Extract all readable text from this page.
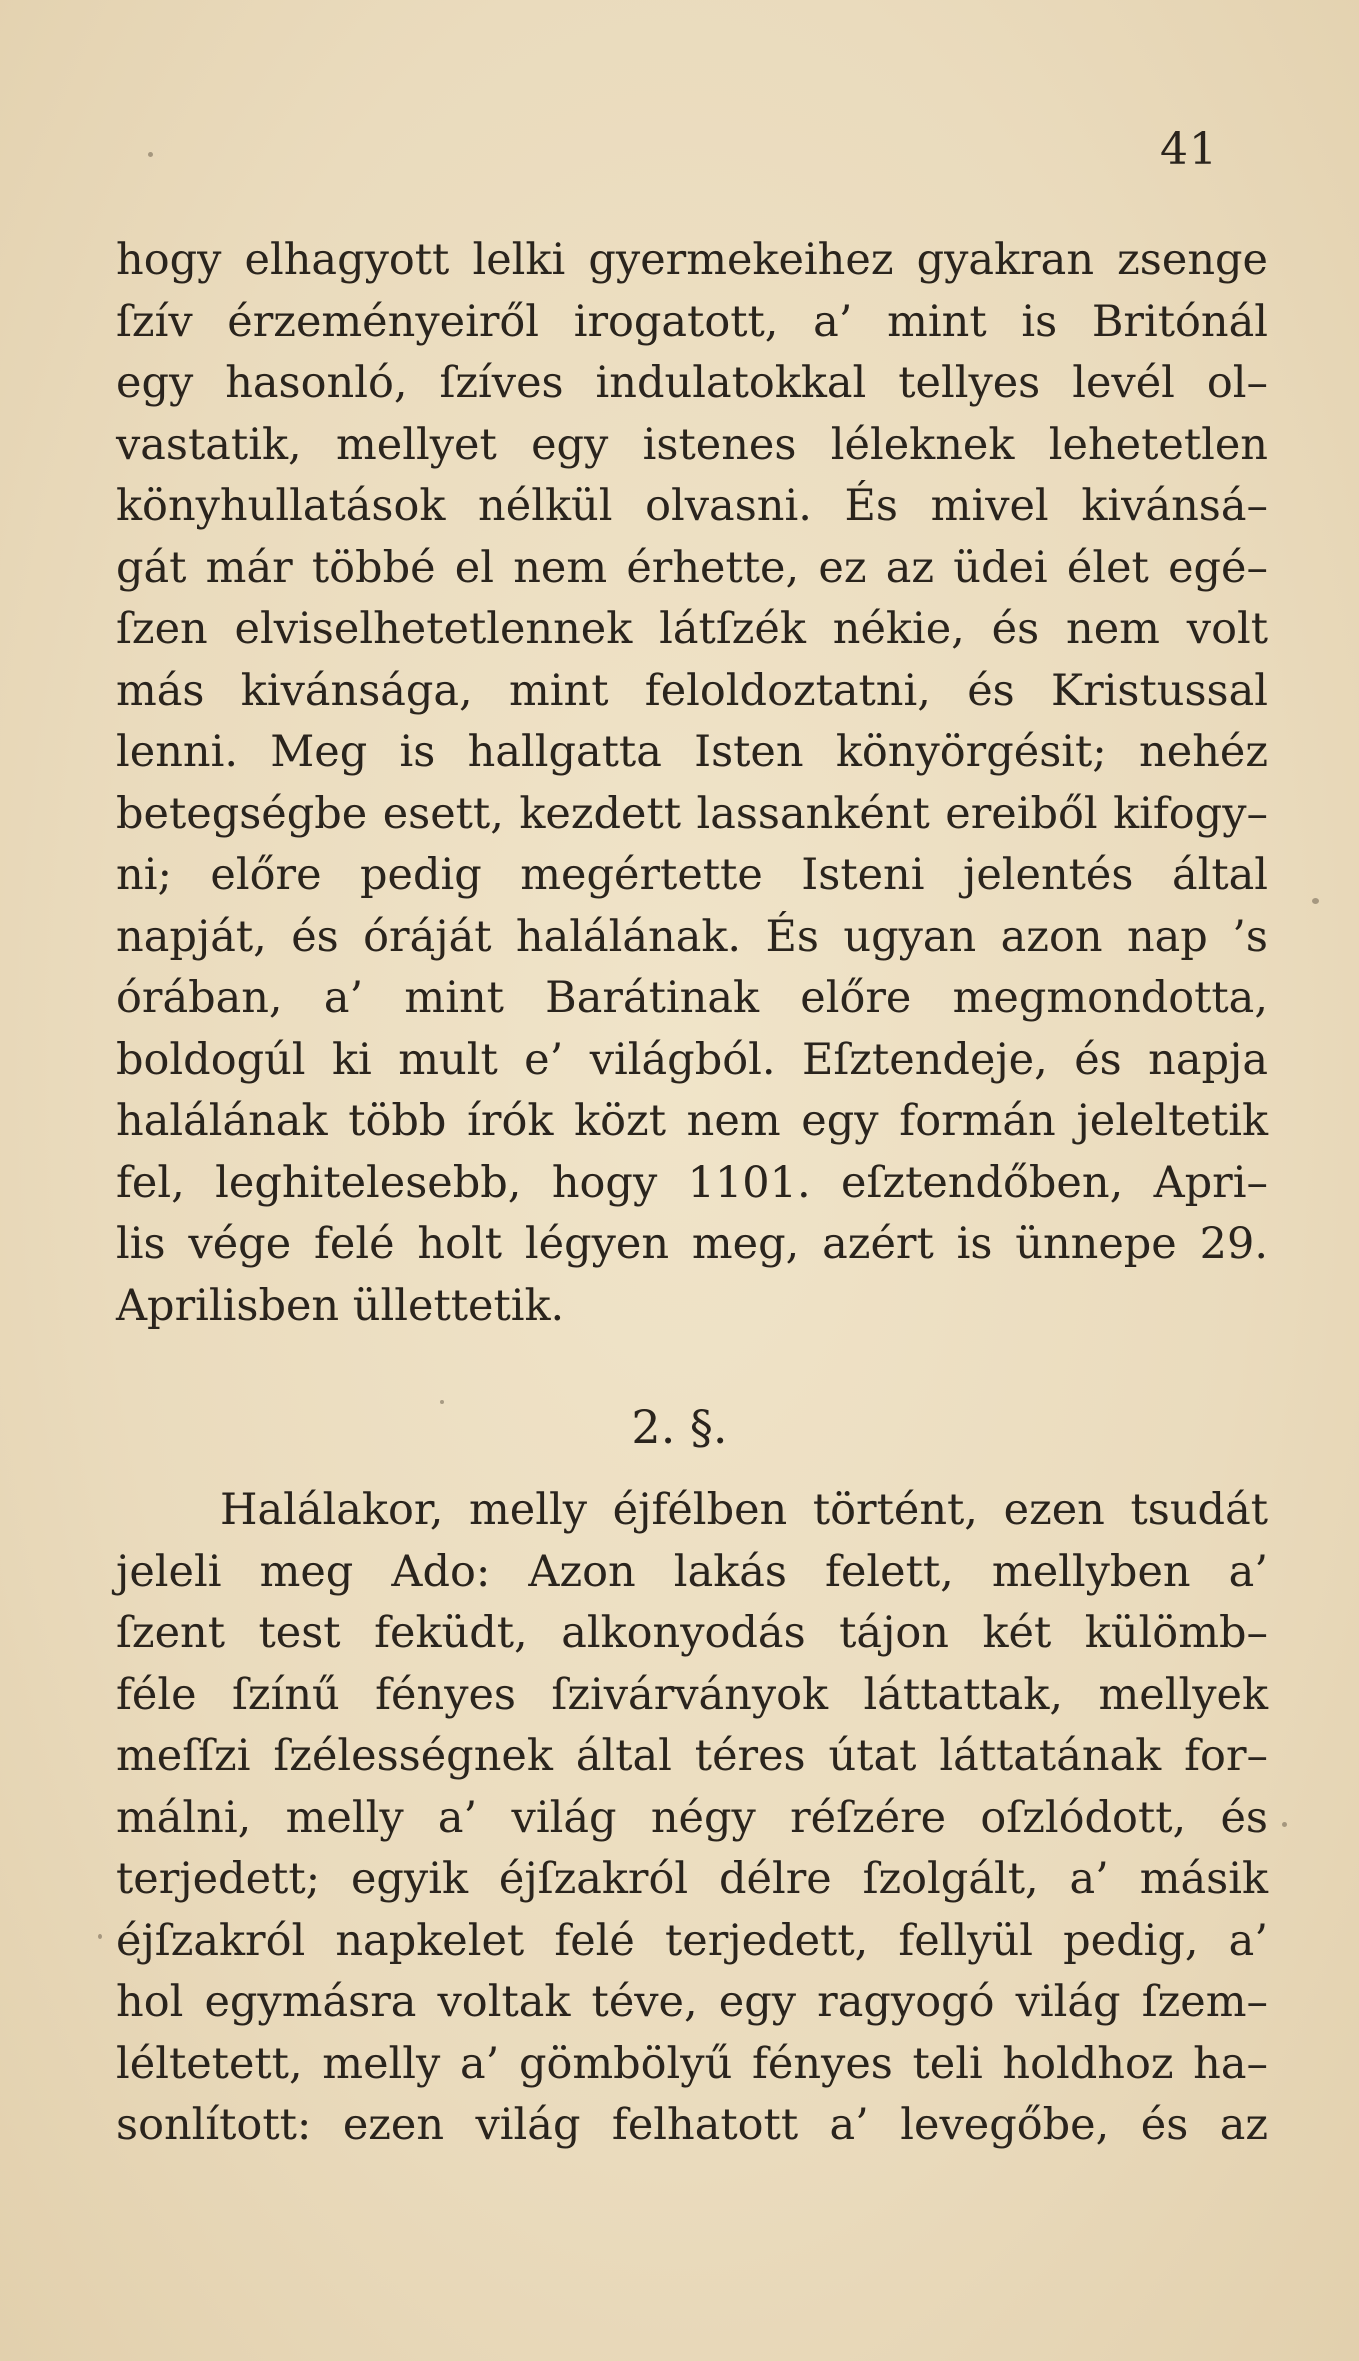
41
hogy elhagyott lelki gyermekeihez gyakran zsenge
ſzív érzeményeiről irogatott, a’ mint is Britónál
egy hasonló, ſzíves indulatokkal tellyes levél ol–
vastatik, mellyet egy istenes léleknek lehetetlen
könyhullatások nélkül olvasni. És mivel kivánsá–
gát már többé el nem érhette, ez az üdei élet egé–
ſzen elviselhetetlennek látſzék nékie, és nem volt
más kivánsága, mint feloldoztatni, és Kristussal
lenni. Meg is hallgatta Isten könyörgésit; nehéz
betegségbe esett, kezdett lassanként ereiből kifogy–
ni; előre pedig megértette Isteni jelentés által
napját, és óráját halálának. És ugyan azon nap ’s
órában, a’ mint Barátinak előre megmondotta,
boldogúl ki mult e’ világból. Eſztendeje, és napja
halálának több írók közt nem egy formán jeleltetik
fel, leghitelesebb, hogy 1101. eſztendőben, Apri–
lis vége felé holt légyen meg, azért is ünnepe 29.
Aprilisben üllettetik.
2. §.
Halálakor, melly éjfélben történt, ezen tsudát
jeleli meg Ado: Azon lakás felett, mellyben a’
ſzent test feküdt, alkonyodás tájon két külömb–
féle ſzínű fényes ſzivárványok láttattak, mellyek
meſſzi ſzélességnek által téres útat láttatának for–
málni, melly a’ világ négy réſzére oſzlódott, és
terjedett; egyik éjſzakról délre ſzolgált, a’ másik
éjſzakról napkelet felé terjedett, fellyül pedig, a’
hol egymásra voltak téve, egy ragyogó világ ſzem–
léltetett, melly a’ gömbölyű fényes teli holdhoz ha–
sonlított: ezen világ felhatott a’ levegőbe, és az
